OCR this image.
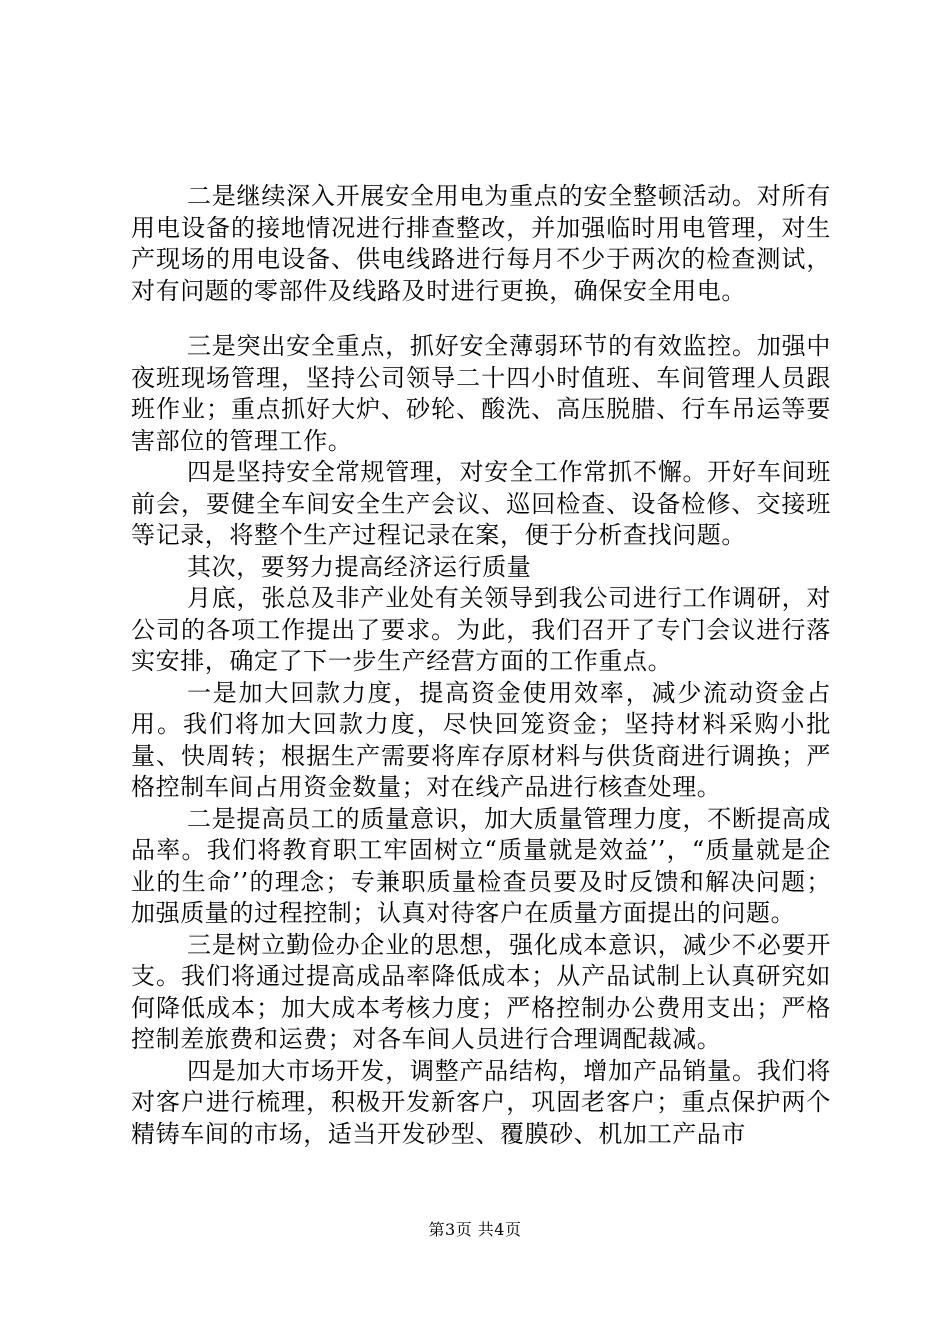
二是继续深入开展安全用电为重点的安全整顿活动。对所有用电设备的接地情况进行排查整改，并加强临时用电管理，对生产现场的用电设备、供电线路进行每月不少于两次的检查测试，对有问题的零部件及线路及时进行更换，确保安全用电。

三是突出安全重点，抓好安全薄弱环节的有效监控。加强中夜班现场管理，坚持公司领导二十四小时值班、车间管理人员跟班作业；重点抓好大炉、砂轮、酸洗、高压脱腊、行车吊运等要害部位的管理工作。

四是坚持安全常规管理，对安全工作常抓不懈。开好车间班前会，要健全车间安全生产会议、巡回检查、设备检修、交接班等记录，将整个生产过程记录在案，便于分析查找问题。

其次，要努力提高经济运行质量

月底，张总及非产业处有关领导到我公司进行工作调研，对公司的各项工作提出了要求。为此，我们召开了专门会议进行落实安排，确定了下一步生产经营方面的工作重点。

一是加大回款力度，提高资金使用效率，减少流动资金占用。我们将加大回款力度，尽快回笼资金；坚持材料采购小批量、快周转；根据生产需要将库存原材料与供货商进行调换；严格控制车间占用资金数量；对在线产品进行核查处理。

二是提高员工的质量意识，加大质量管理力度，不断提高成品率。我们将教育职工牢固树立“质量就是效益’’，“质量就是企业的生命’’的理念；专兼职质量检查员要及时反馈和解决问题；加强质量的过程控制；认真对待客户在质量方面提出的问题。

三是树立勤俭办企业的思想，强化成本意识，减少不必要开支。我们将通过提高成品率降低成本；从产品试制上认真研究如何降低成本；加大成本考核力度；严格控制办公费用支出；严格控制差旅费和运费；对各车间人员进行合理调配裁减。

四是加大市场开发，调整产品结构，增加产品销量。我们将对客户进行梳理，积极开发新客户，巩固老客户；重点保护两个精铸车间的市场，适当开发砂型、覆膜砂、机加工产品市

第3页 共4页
